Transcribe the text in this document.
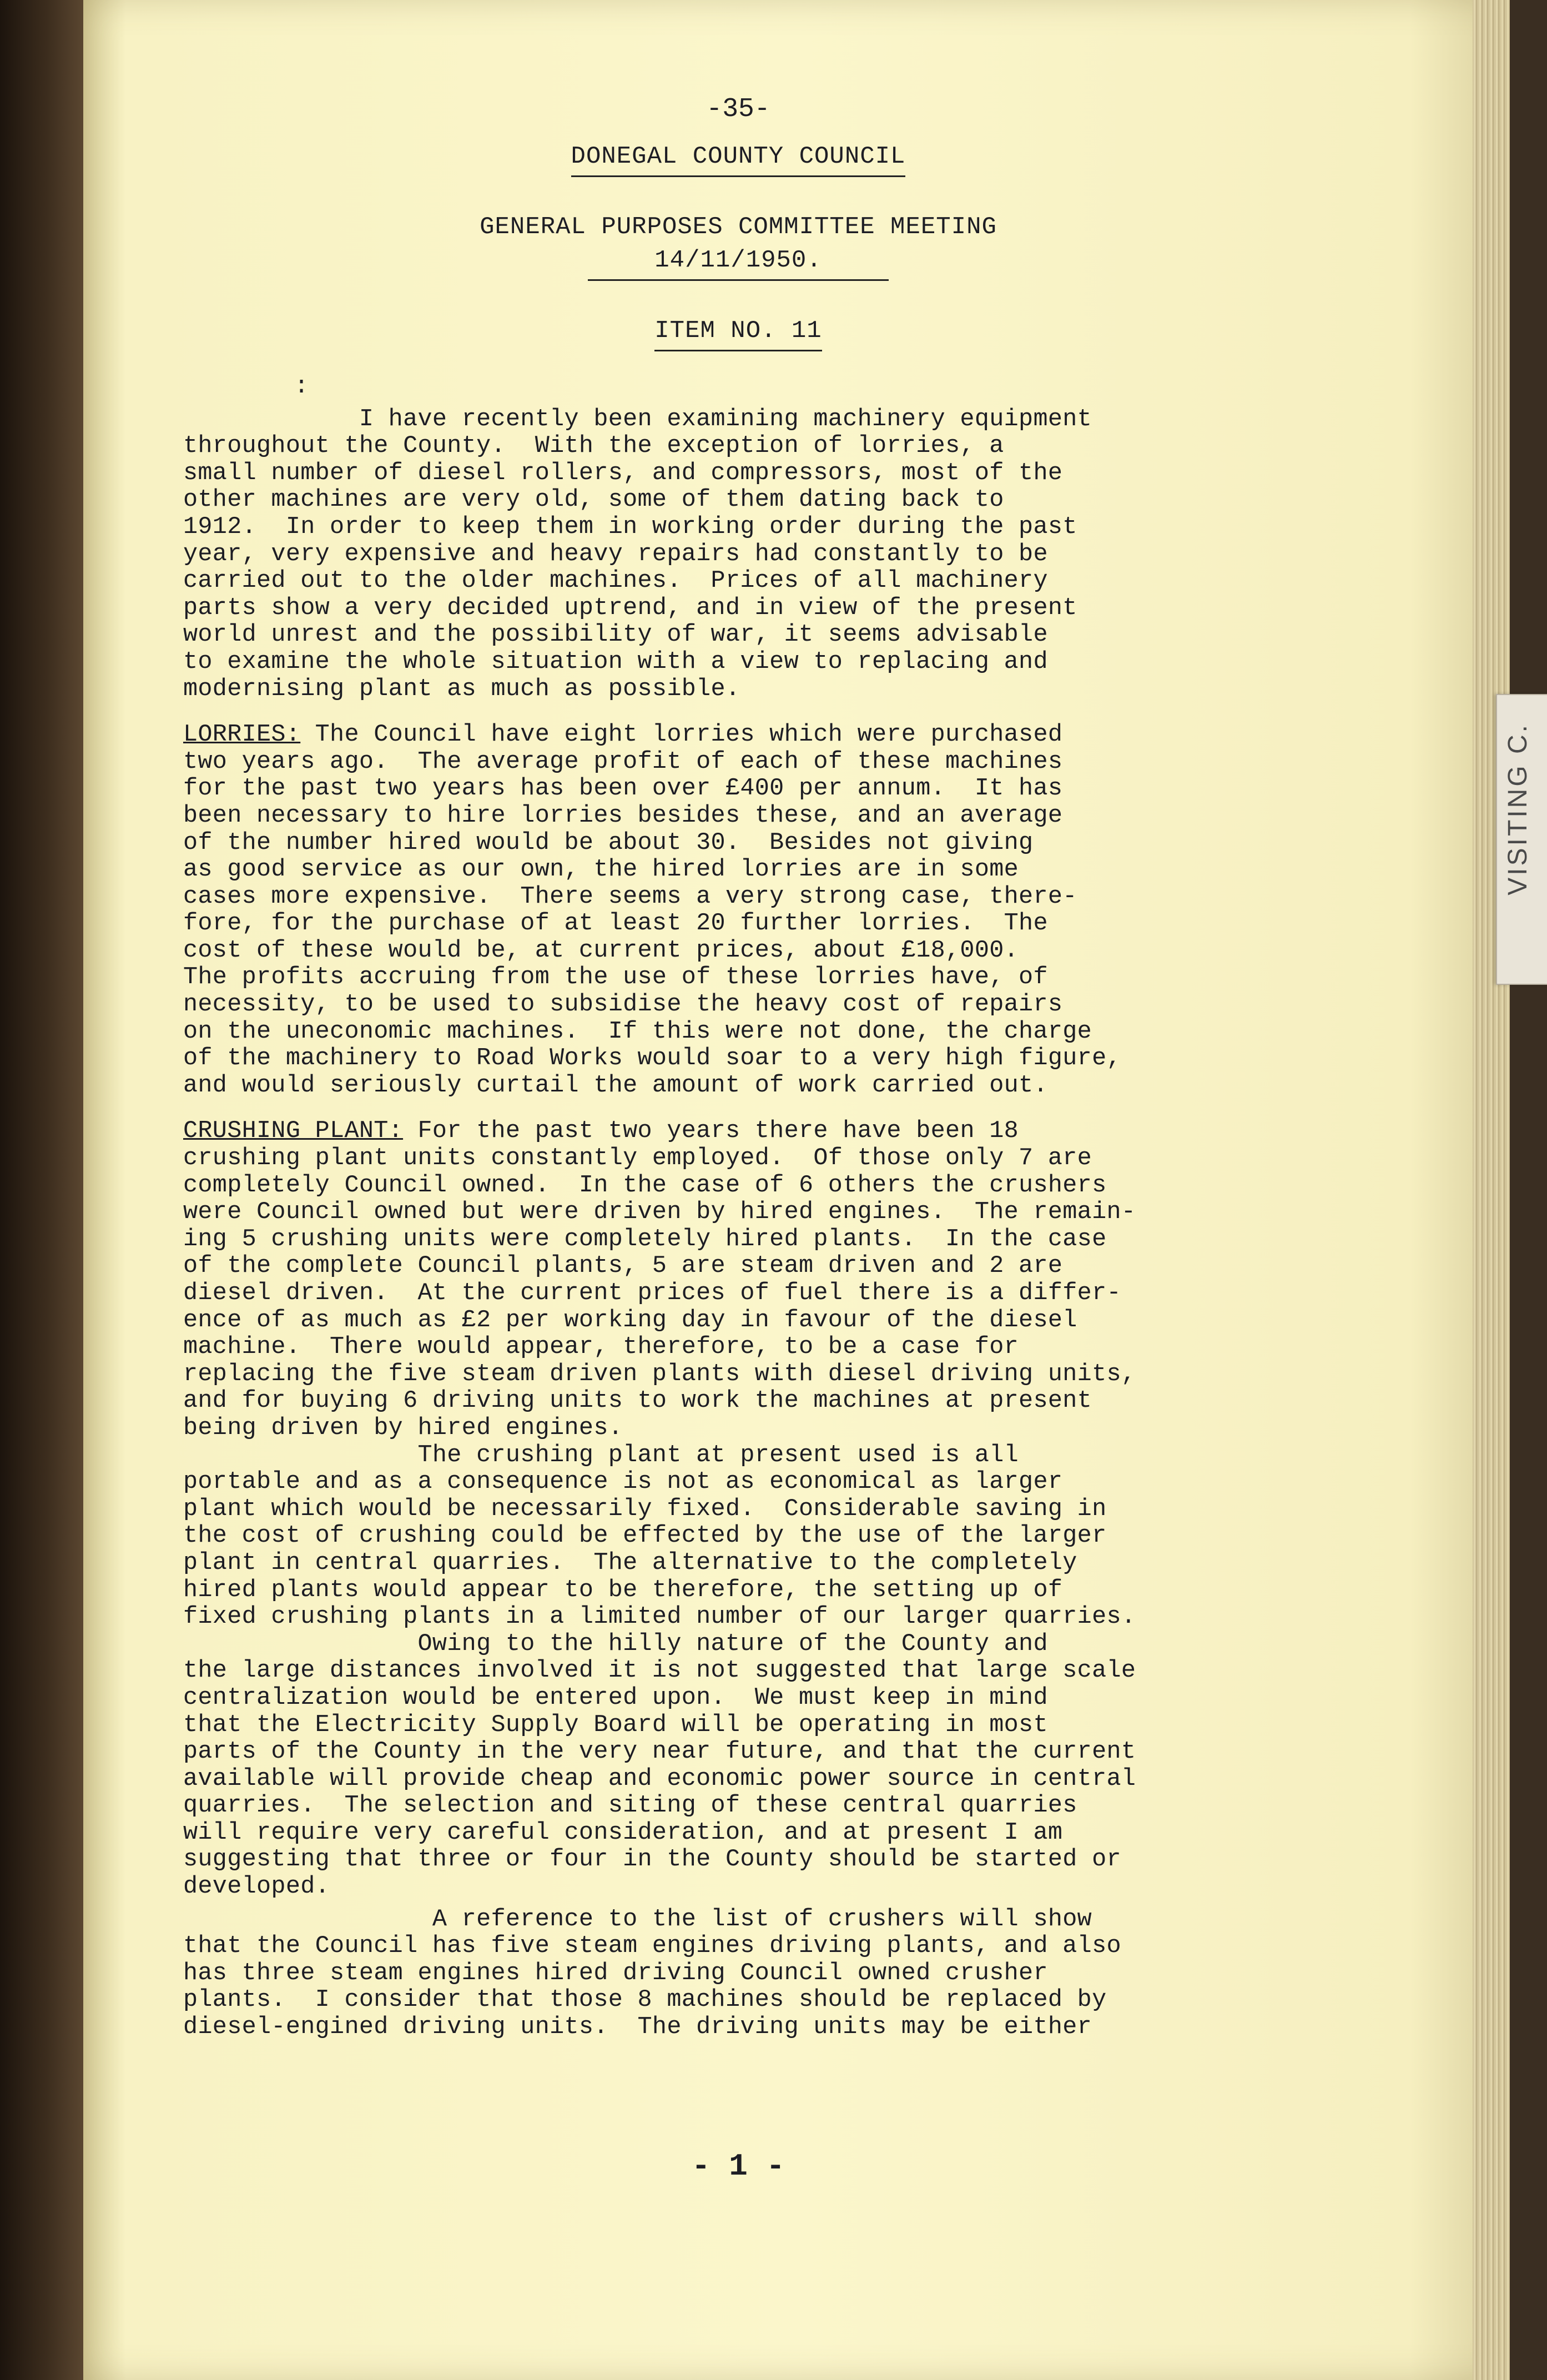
VISITING C.
-35-
DONEGAL COUNTY COUNCIL
GENERAL PURPOSES COMMITTEE MEETING
14/11/1950.
ITEM NO. 11
:

I have recently been examining machinery equipment
throughout the County.  With the exception of lorries, a
small number of diesel rollers, and compressors, most of the
other machines are very old, some of them dating back to
1912.  In order to keep them in working order during the past
year, very expensive and heavy repairs had constantly to be
carried out to the older machines.  Prices of all machinery
parts show a very decided uptrend, and in view of the present
world unrest and the possibility of war, it seems advisable
to examine the whole situation with a view to replacing and
modernising plant as much as possible.

LORRIES: The Council have eight lorries which were purchased
two years ago.  The average profit of each of these machines
for the past two years has been over £400 per annum.  It has
been necessary to hire lorries besides these, and an average
of the number hired would be about 30.  Besides not giving
as good service as our own, the hired lorries are in some
cases more expensive.  There seems a very strong case, there-
fore, for the purchase of at least 20 further lorries.  The
cost of these would be, at current prices, about £18,000.
The profits accruing from the use of these lorries have, of
necessity, to be used to subsidise the heavy cost of repairs
on the uneconomic machines.  If this were not done, the charge
of the machinery to Road Works would soar to a very high figure,
and would seriously curtail the amount of work carried out.

CRUSHING PLANT: For the past two years there have been 18
crushing plant units constantly employed.  Of those only 7 are
completely Council owned.  In the case of 6 others the crushers
were Council owned but were driven by hired engines.  The remain-
ing 5 crushing units were completely hired plants.  In the case
of the complete Council plants, 5 are steam driven and 2 are
diesel driven.  At the current prices of fuel there is a differ-
ence of as much as £2 per working day in favour of the diesel
machine.  There would appear, therefore, to be a case for
replacing the five steam driven plants with diesel driving units,
and for buying 6 driving units to work the machines at present
being driven by hired engines.

The crushing plant at present used is all
portable and as a consequence is not as economical as larger
plant which would be necessarily fixed.  Considerable saving in
the cost of crushing could be effected by the use of the larger
plant in central quarries.  The alternative to the completely
hired plants would appear to be therefore, the setting up of
fixed crushing plants in a limited number of our larger quarries.

Owing to the hilly nature of the County and
the large distances involved it is not suggested that large scale
centralization would be entered upon.  We must keep in mind
that the Electricity Supply Board will be operating in most
parts of the County in the very near future, and that the current
available will provide cheap and economic power source in central
quarries.  The selection and siting of these central quarries
will require very careful consideration, and at present I am
suggesting that three or four in the County should be started or
developed.

A reference to the list of crushers will show
that the Council has five steam engines driving plants, and also
has three steam engines hired driving Council owned crusher
plants.  I consider that those 8 machines should be replaced by
diesel-engined driving units.  The driving units may be either

- 1 -
